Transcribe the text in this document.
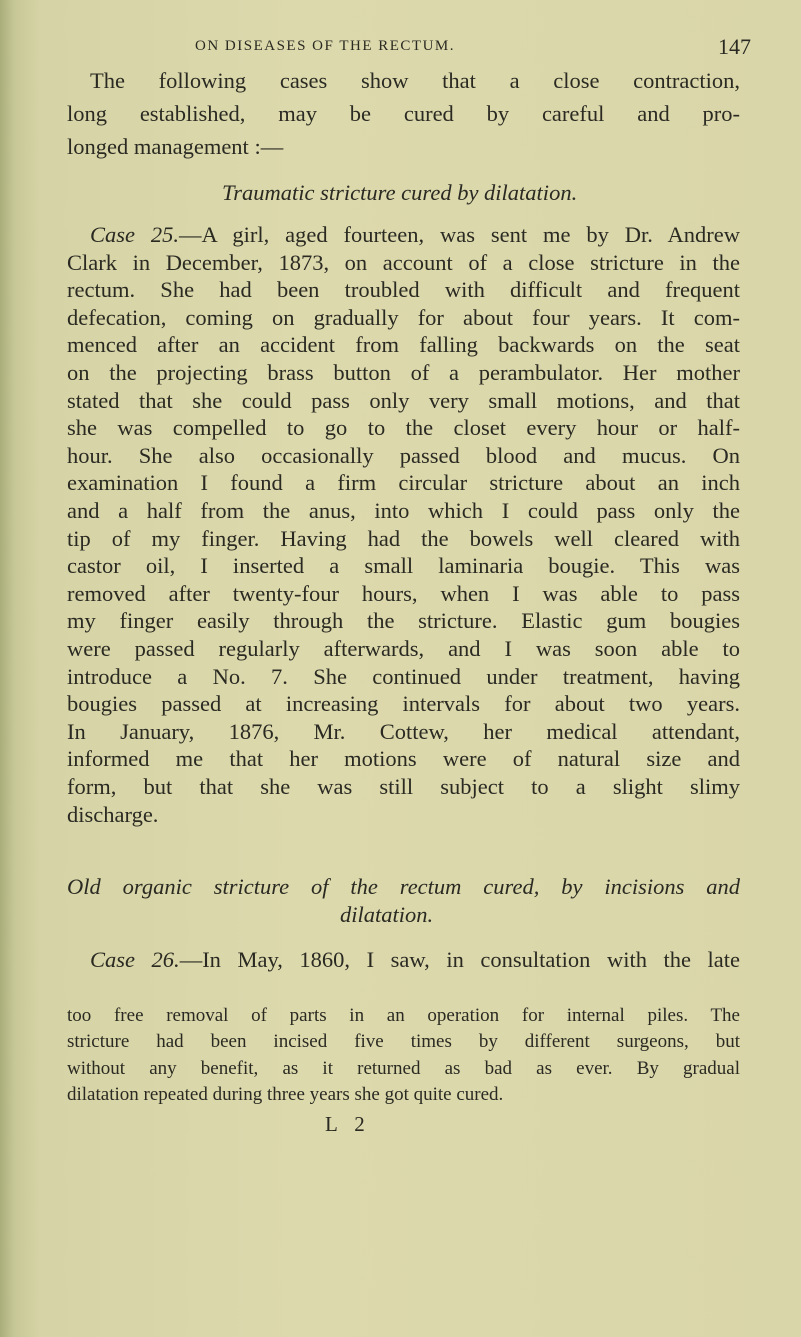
ON DISEASES OF THE RECTUM.	147
The following cases show that a close contraction,
long established, may be cured by careful and pro-
longed management :—
Traumatic stricture cured by dilatation.
Case 25.—A girl, aged fourteen, was sent me by Dr. Andrew
Clark in December, 1873, on account of a close stricture in the
rectum. She had been troubled with difficult and frequent
defecation, coming on gradually for about four years. It com-
menced after an accident from falling backwards on the seat
on the projecting brass button of a perambulator. Her mother
stated that she could pass only very small motions, and that
she was compelled to go to the closet every hour or half-
hour. She also occasionally passed blood and mucus. On
examination I found a firm circular stricture about an inch
and a half from the anus, into which I could pass only the
tip of my finger. Having had the bowels well cleared with
castor oil, I inserted a small laminaria bougie. This was
removed after twenty-four hours, when I was able to pass
my finger easily through the stricture. Elastic gum bougies
were passed regularly afterwards, and I was soon able to
introduce a No. 7. She continued under treatment, having
bougies passed at increasing intervals for about two years.
In January, 1876, Mr. Cottew, her medical attendant,
informed me that her motions were of natural size and
form, but that she was still subject to a slight slimy
discharge.
Old organic stricture of the rectum cured, by incisions and
dilatation.
Case 26.—In May, 1860, I saw, in consultation with the late
too free removal of parts in an operation for internal piles. The
stricture had been incised five times by different surgeons, but
without any benefit, as it returned as bad as ever. By gradual
dilatation repeated during three years she got quite cured.
L 2
